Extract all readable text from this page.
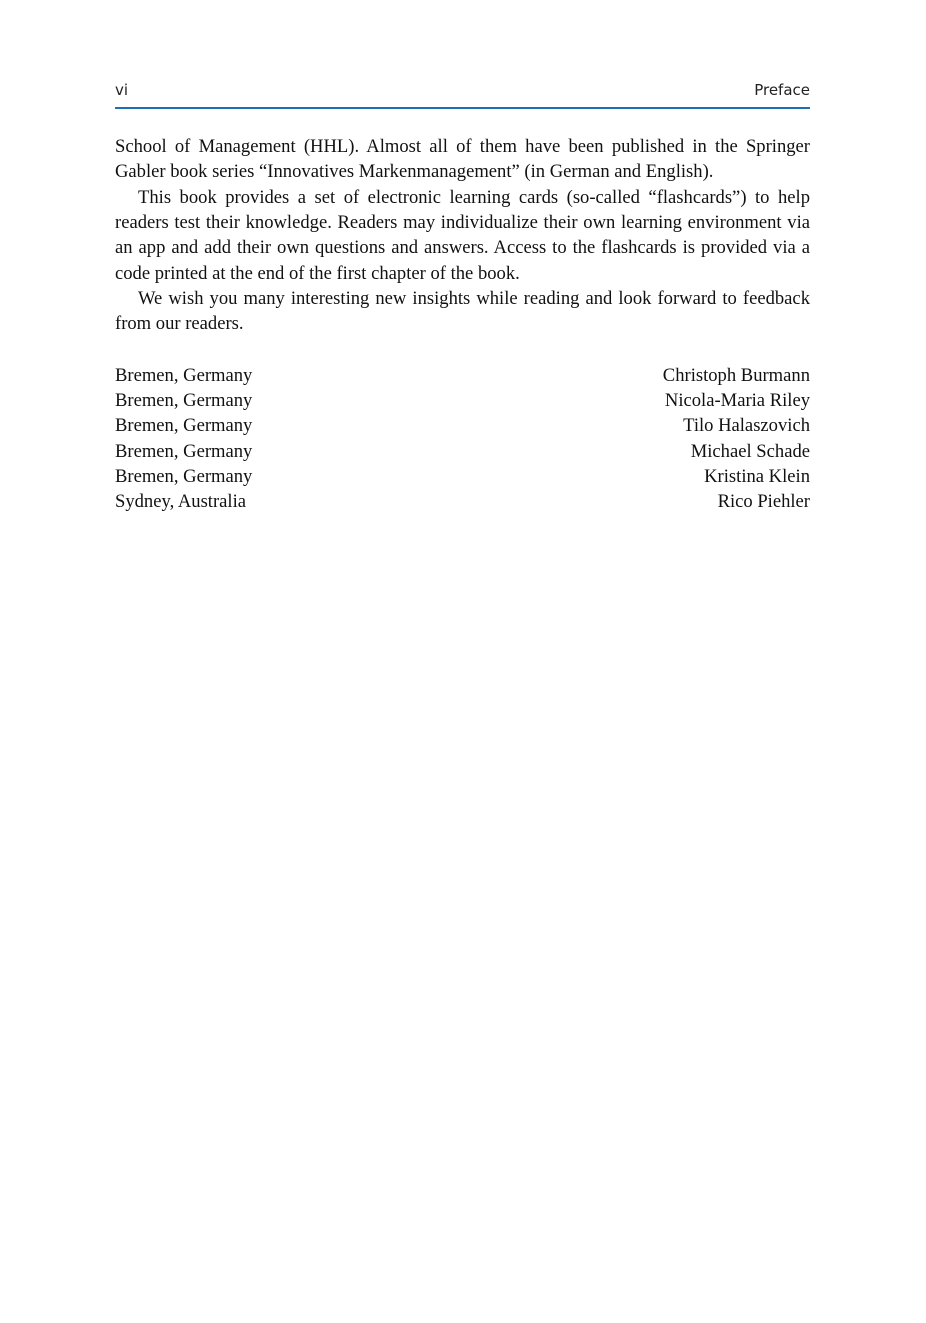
vi	Preface

School of Management (HHL). Almost all of them have been published in the Springer Gabler book series “Innovatives Markenmanagement” (in German and English).

This book provides a set of electronic learning cards (so-called “flashcards”) to help readers test their knowledge. Readers may individualize their own learning environment via an app and add their own questions and answers. Access to the flashcards is provided via a code printed at the end of the first chapter of the book.

We wish you many interesting new insights while reading and look forward to feedback from our readers.

Bremen, Germany	Christoph Burmann
Bremen, Germany	Nicola-Maria Riley
Bremen, Germany	Tilo Halaszovich
Bremen, Germany	Michael Schade
Bremen, Germany	Kristina Klein
Sydney, Australia	Rico Piehler
